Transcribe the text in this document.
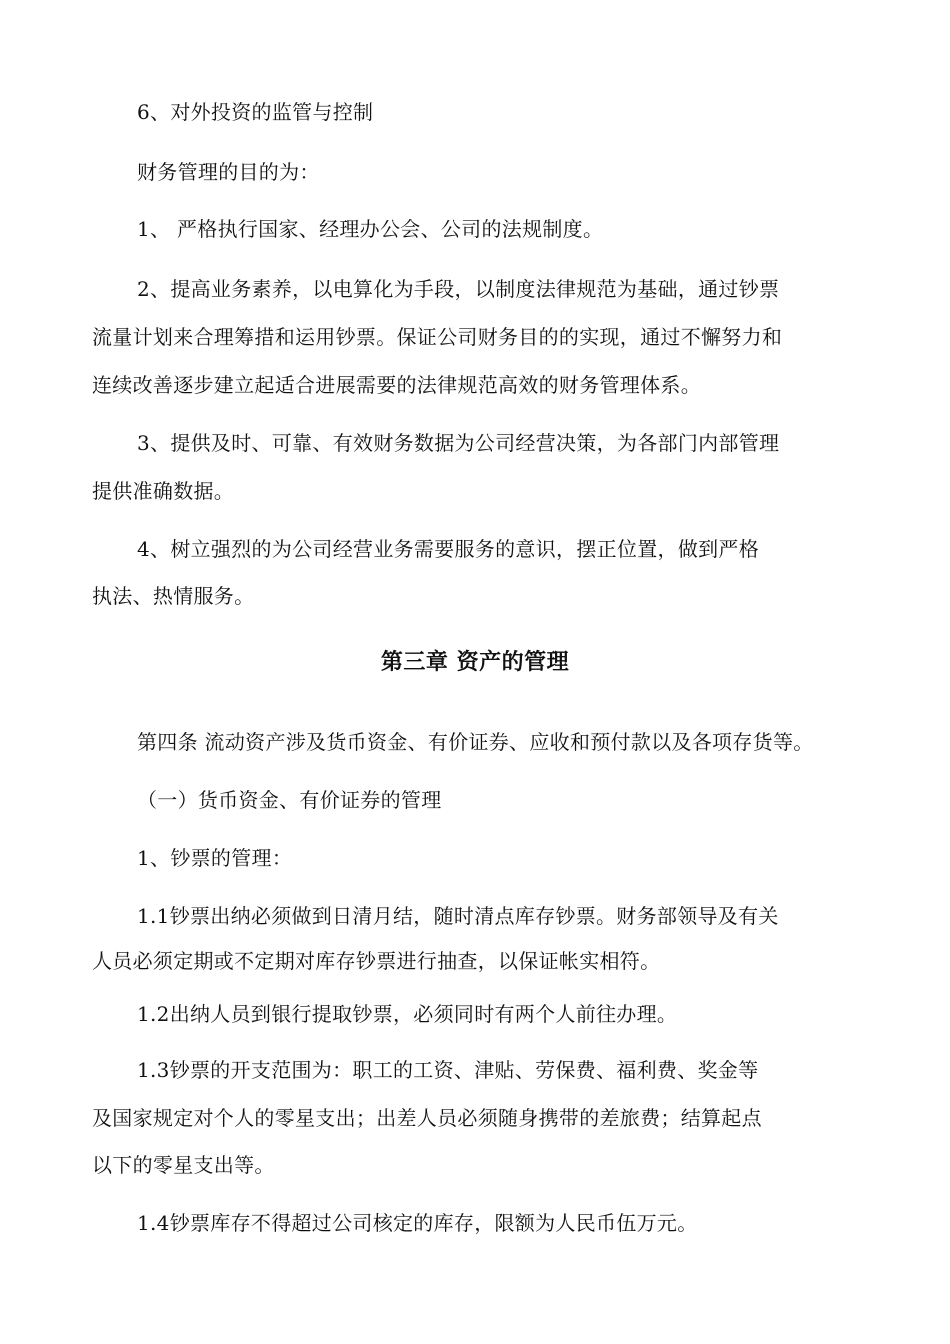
6、对外投资的监管与控制
财务管理的目的为：
1、 严格执行国家、经理办公会、公司的法规制度。
2、提高业务素养，以电算化为手段，以制度法律规范为基础，通过钞票
流量计划来合理筹措和运用钞票。保证公司财务目的的实现，通过不懈努力和
连续改善逐步建立起适合进展需要的法律规范高效的财务管理体系。
3、提供及时、可靠、有效财务数据为公司经营决策，为各部门内部管理
提供准确数据。
4、树立强烈的为公司经营业务需要服务的意识，摆正位置，做到严格
执法、热情服务。
第三章 资产的管理
第四条 流动资产涉及货币资金、有价证券、应收和预付款以及各项存货等。
（一）货币资金、有价证券的管理
1、钞票的管理：
1.1钞票出纳必须做到日清月结，随时清点库存钞票。财务部领导及有关
人员必须定期或不定期对库存钞票进行抽查，以保证帐实相符。
1.2出纳人员到银行提取钞票，必须同时有两个人前往办理。
1.3钞票的开支范围为：职工的工资、津贴、劳保费、福利费、奖金等
及国家规定对个人的零星支出；出差人员必须随身携带的差旅费；结算起点
以下的零星支出等。
1.4钞票库存不得超过公司核定的库存，限额为人民币伍万元。
